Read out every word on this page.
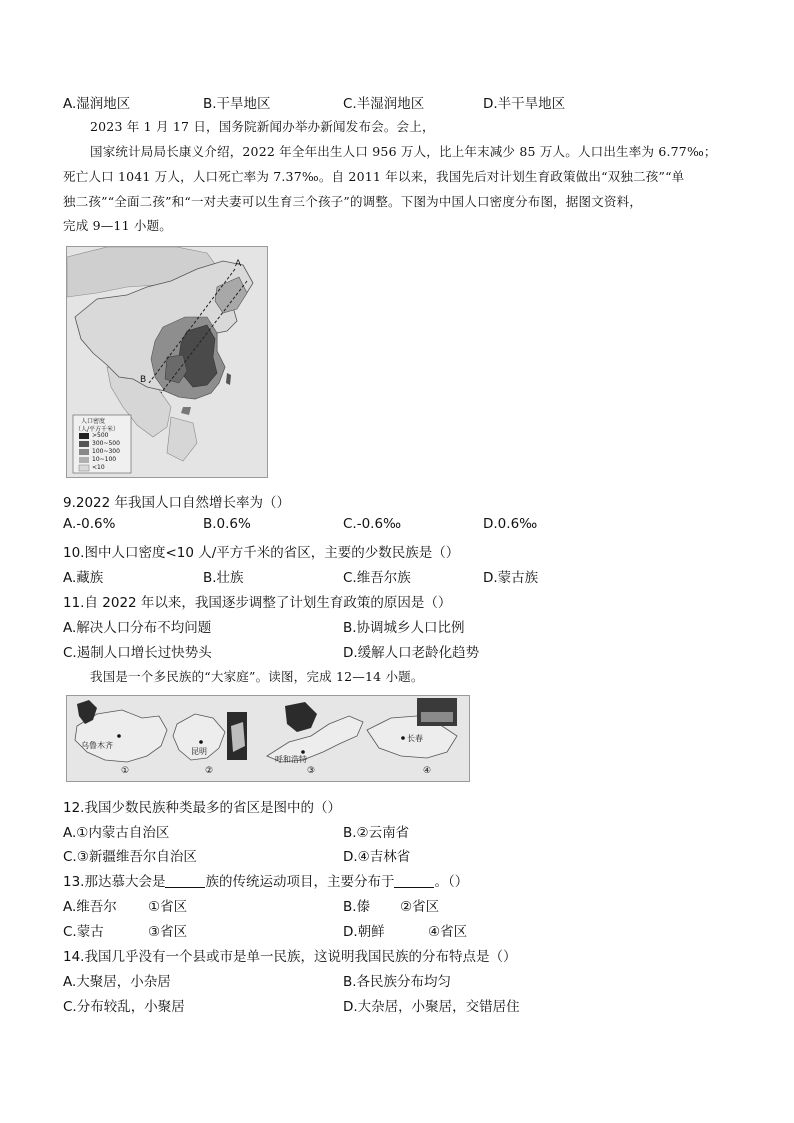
A.湿润地区	B.干旱地区	C.半湿润地区	D.半干旱地区
2023 年 1 月 17 日，国务院新闻办举办新闻发布会。会上，
国家统计局局长康义介绍，2022 年全年出生人口 956 万人，比上年末减少 85 万人。人口出生率为 6.77‰；
死亡人口 1041 万人，人口死亡率为 7.37‰。自 2011 年以来，我国先后对计划生育政策做出“双独二孩”“单
独二孩”“全面二孩”和“一对夫妻可以生育三个孩子”的调整。下图为中国人口密度分布图，据图文资料，
完成 9—11 小题。
A
B
人口密度
（人/平方千米）
>500
300~500
100~300
10~100
<10
9.2022 年我国人口自然增长率为（）
A.-0.6%	B.0.6%	C.-0.6‰	D.0.6‰
10.图中人口密度<10 人/平方千米的省区，主要的少数民族是（）
A.藏族	B.壮族	C.维吾尔族	D.蒙古族
11.自 2022 年以来，我国逐步调整了计划生育政策的原因是（）
A.解决人口分布不均问题	B.协调城乡人口比例
C.遏制人口增长过快势头	D.缓解人口老龄化趋势
我国是一个多民族的“大家庭”。读图，完成 12—14 小题。
乌鲁木齐
①
昆明
②
呼和浩特
③
长春
④
12.我国少数民族种类最多的省区是图中的（）
A.①内蒙古自治区	B.②云南省
C.③新疆维吾尔自治区	D.④吉林省
13.那达慕大会是	族的传统运动项目，主要分布于	。（）
A.维吾尔 ①省区	B.傣 ②省区
C.蒙古	③省区	D.朝鲜	④省区
14.我国几乎没有一个县或市是单一民族，这说明我国民族的分布特点是（）
A.大聚居，小杂居	B.各民族分布均匀
C.分布较乱，小聚居	D.大杂居，小聚居，交错居住
